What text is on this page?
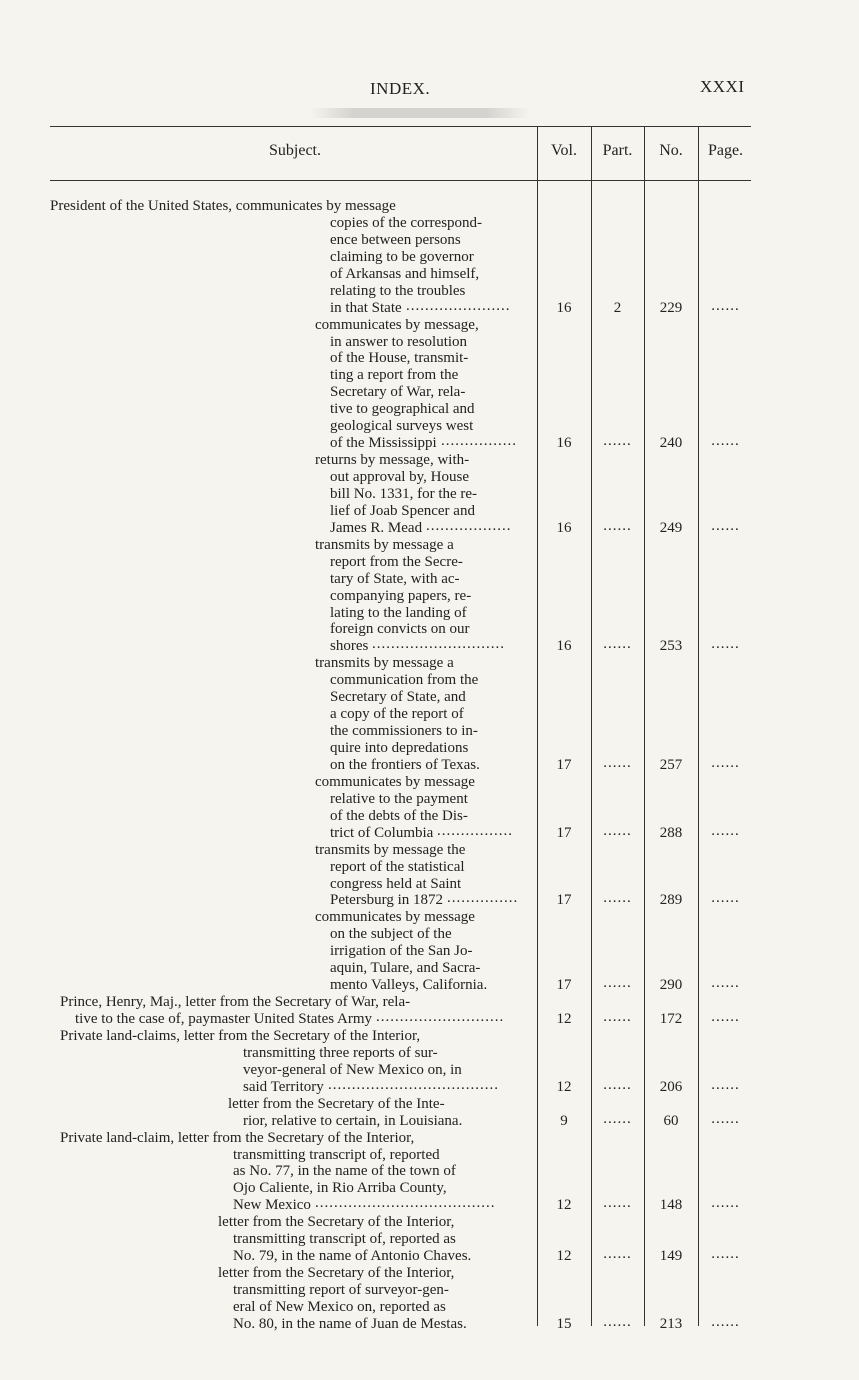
INDEX.	XXXI
Subject.	Vol.	Part.	No.	Page.
President of the United States, communicates by message
copies of the correspond-
ence between persons
claiming to be governor
of Arkansas and himself,
relating to the troubles
in that State ......................	16	2	229	......
communicates by message,
in answer to resolution
of the House, transmit-
ting a report from the
Secretary of War, rela-
tive to geographical and
geological surveys west
of the Mississippi ................	16	......	240	......
returns by message, with-
out approval by, House
bill No. 1331, for the re-
lief of Joab Spencer and
James R. Mead ..................	16	......	249	......
transmits by message a
report from the Secre-
tary of State, with ac-
companying papers, re-
lating to the landing of
foreign convicts on our
shores ............................	16	......	253	......
transmits by message a
communication from the
Secretary of State, and
a copy of the report of
the commissioners to in-
quire into depredations
on the frontiers of Texas.	17	......	257	......
communicates by message
relative to the payment
of the debts of the Dis-
trict of Columbia ................	17	......	288	......
transmits by message the
report of the statistical
congress held at Saint
Petersburg in 1872 ...............	17	......	289	......
communicates by message
on the subject of the
irrigation of the San Jo-
aquin, Tulare, and Sacra-
mento Valleys, California.	17	......	290	......
Prince, Henry, Maj., letter from the Secretary of War, rela-
tive to the case of, paymaster United States Army ...........................	12	......	172	......
Private land-claims, letter from the Secretary of the Interior,
transmitting three reports of sur-
veyor-general of New Mexico on, in
said Territory ....................................	12	......	206	......
letter from the Secretary of the Inte-
rior, relative to certain, in Louisiana.	9	......	60	......
Private land-claim, letter from the Secretary of the Interior,
transmitting transcript of, reported
as No. 77, in the name of the town of
Ojo Caliente, in Rio Arriba County,
New Mexico ......................................	12	......	148	......
letter from the Secretary of the Interior,
transmitting transcript of, reported as
No. 79, in the name of Antonio Chaves.	12	......	149	......
letter from the Secretary of the Interior,
transmitting report of surveyor-gen-
eral of New Mexico on, reported as
No. 80, in the name of Juan de Mestas.	15	......	213	......
